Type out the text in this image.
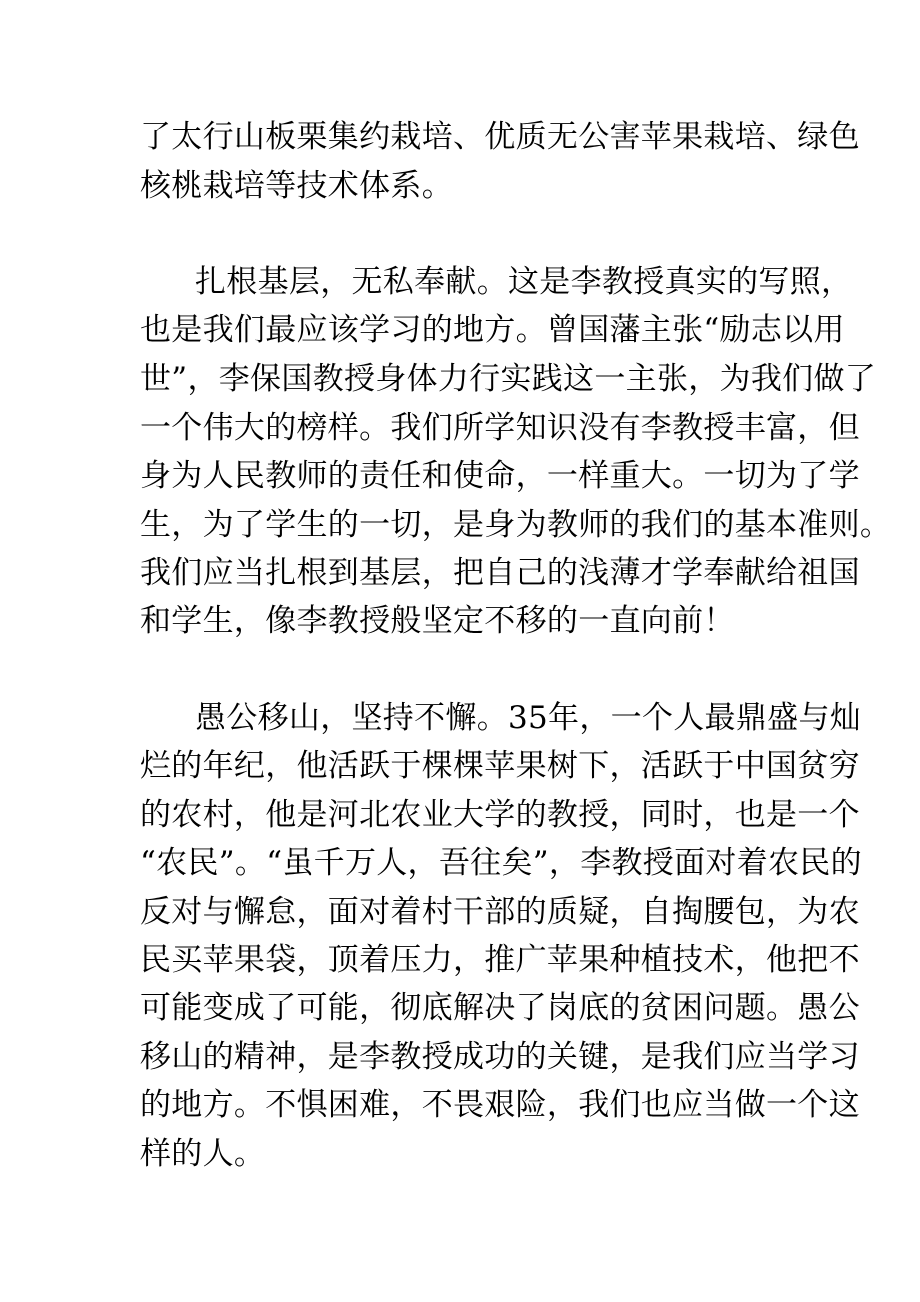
了太行山板栗集约栽培、优质无公害苹果栽培、绿色

核桃栽培等技术体系。

扎根基层，无私奉献。这是李教授真实的写照，

也是我们最应该学习的地方。曾国藩主张“励志以用

世”，李保国教授身体力行实践这一主张，为我们做了

一个伟大的榜样。我们所学知识没有李教授丰富，但

身为人民教师的责任和使命，一样重大。一切为了学

生，为了学生的一切，是身为教师的我们的基本准则。

我们应当扎根到基层，把自己的浅薄才学奉献给祖国

和学生，像李教授般坚定不移的一直向前！

愚公移山，坚持不懈。35年，一个人最鼎盛与灿

烂的年纪，他活跃于棵棵苹果树下，活跃于中国贫穷

的农村，他是河北农业大学的教授，同时，也是一个

“农民”。“虽千万人，吾往矣”，李教授面对着农民的

反对与懈怠，面对着村干部的质疑，自掏腰包，为农

民买苹果袋，顶着压力，推广苹果种植技术，他把不

可能变成了可能，彻底解决了岗底的贫困问题。愚公

移山的精神，是李教授成功的关键，是我们应当学习

的地方。不惧困难，不畏艰险，我们也应当做一个这

样的人。
